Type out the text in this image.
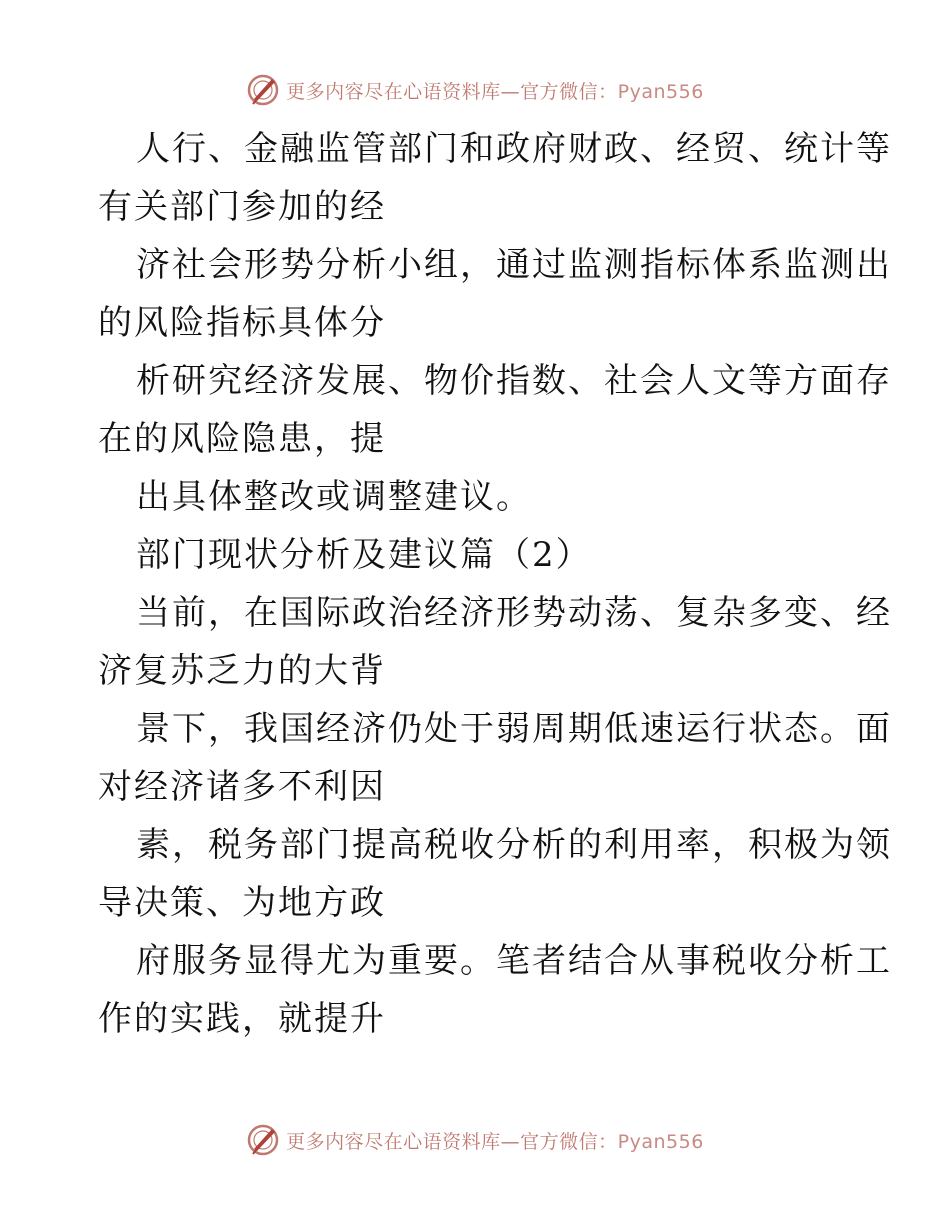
更多内容尽在心语资料库—官方微信：Pyan556

人行、金融监管部门和政府财政、经贸、统计等
有关部门参加的经

济社会形势分析小组，通过监测指标体系监测出
的风险指标具体分

析研究经济发展、物价指数、社会人文等方面存
在的风险隐患，提

出具体整改或调整建议。

部门现状分析及建议篇（2）

当前，在国际政治经济形势动荡、复杂多变、经
济复苏乏力的大背

景下，我国经济仍处于弱周期低速运行状态。面
对经济诸多不利因

素，税务部门提高税收分析的利用率，积极为领
导决策、为地方政

府服务显得尤为重要。笔者结合从事税收分析工
作的实践，就提升

更多内容尽在心语资料库—官方微信：Pyan556
